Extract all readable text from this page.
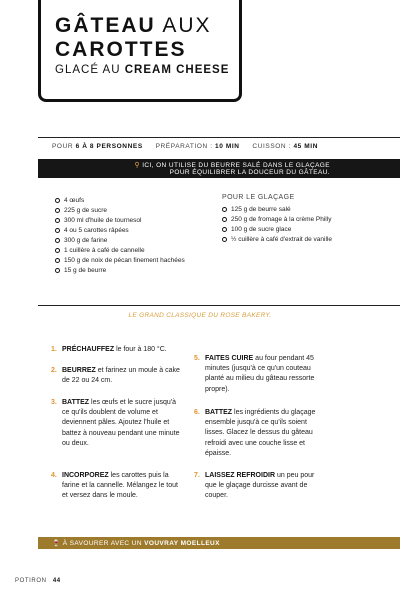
GÂTEAU AUX
CAROTTES
GLACÉ AU CREAM CHEESE
POUR 6 À 8 PERSONNES PRÉPARATION : 10 MIN CUISSON : 45 MIN
⚲ ICI, ON UTILISE DU BEURRE SALÉ DANS LE GLAÇAGE
POUR ÉQUILIBRER LA DOUCEUR DU GÂTEAU.
4 œufs
225 g de sucre
300 ml d'huile de tournesol
4 ou 5 carottes râpées
300 g de farine
1 cuillère à café de cannelle
150 g de noix de pécan finement hachées
15 g de beurre
POUR LE GLAÇAGE
125 g de beurre salé
250 g de fromage à la crème Philly
100 g de sucre glace
½ cuillère à café d'extrait de vanille
LE GRAND CLASSIQUE DU ROSE BAKERY.
1. PRÉCHAUFFEZ le four à 180 °C.
2. BEURREZ et farinez un moule à cake de 22 ou 24 cm.
3. BATTEZ les œufs et le sucre jusqu'à ce qu'ils doublent de volume et deviennent pâles. Ajoutez l'huile et battez à nouveau pendant une minute ou deux.
4. INCORPOREZ les carottes puis la farine et la cannelle. Mélangez le tout et versez dans le moule.
5. FAITES CUIRE au four pendant 45 minutes (jusqu'à ce qu'un couteau planté au milieu du gâteau ressorte propre).
6. BATTEZ les ingrédients du glaçage ensemble jusqu'à ce qu'ils soient lisses. Glacez le dessus du gâteau refroidi avec une couche lisse et épaisse.
7. LAISSEZ REFROIDIR un peu pour que le glaçage durcisse avant de couper.
🍷 À SAVOURER AVEC UN VOUVRAY MOELLEUX
POTIRON 44
